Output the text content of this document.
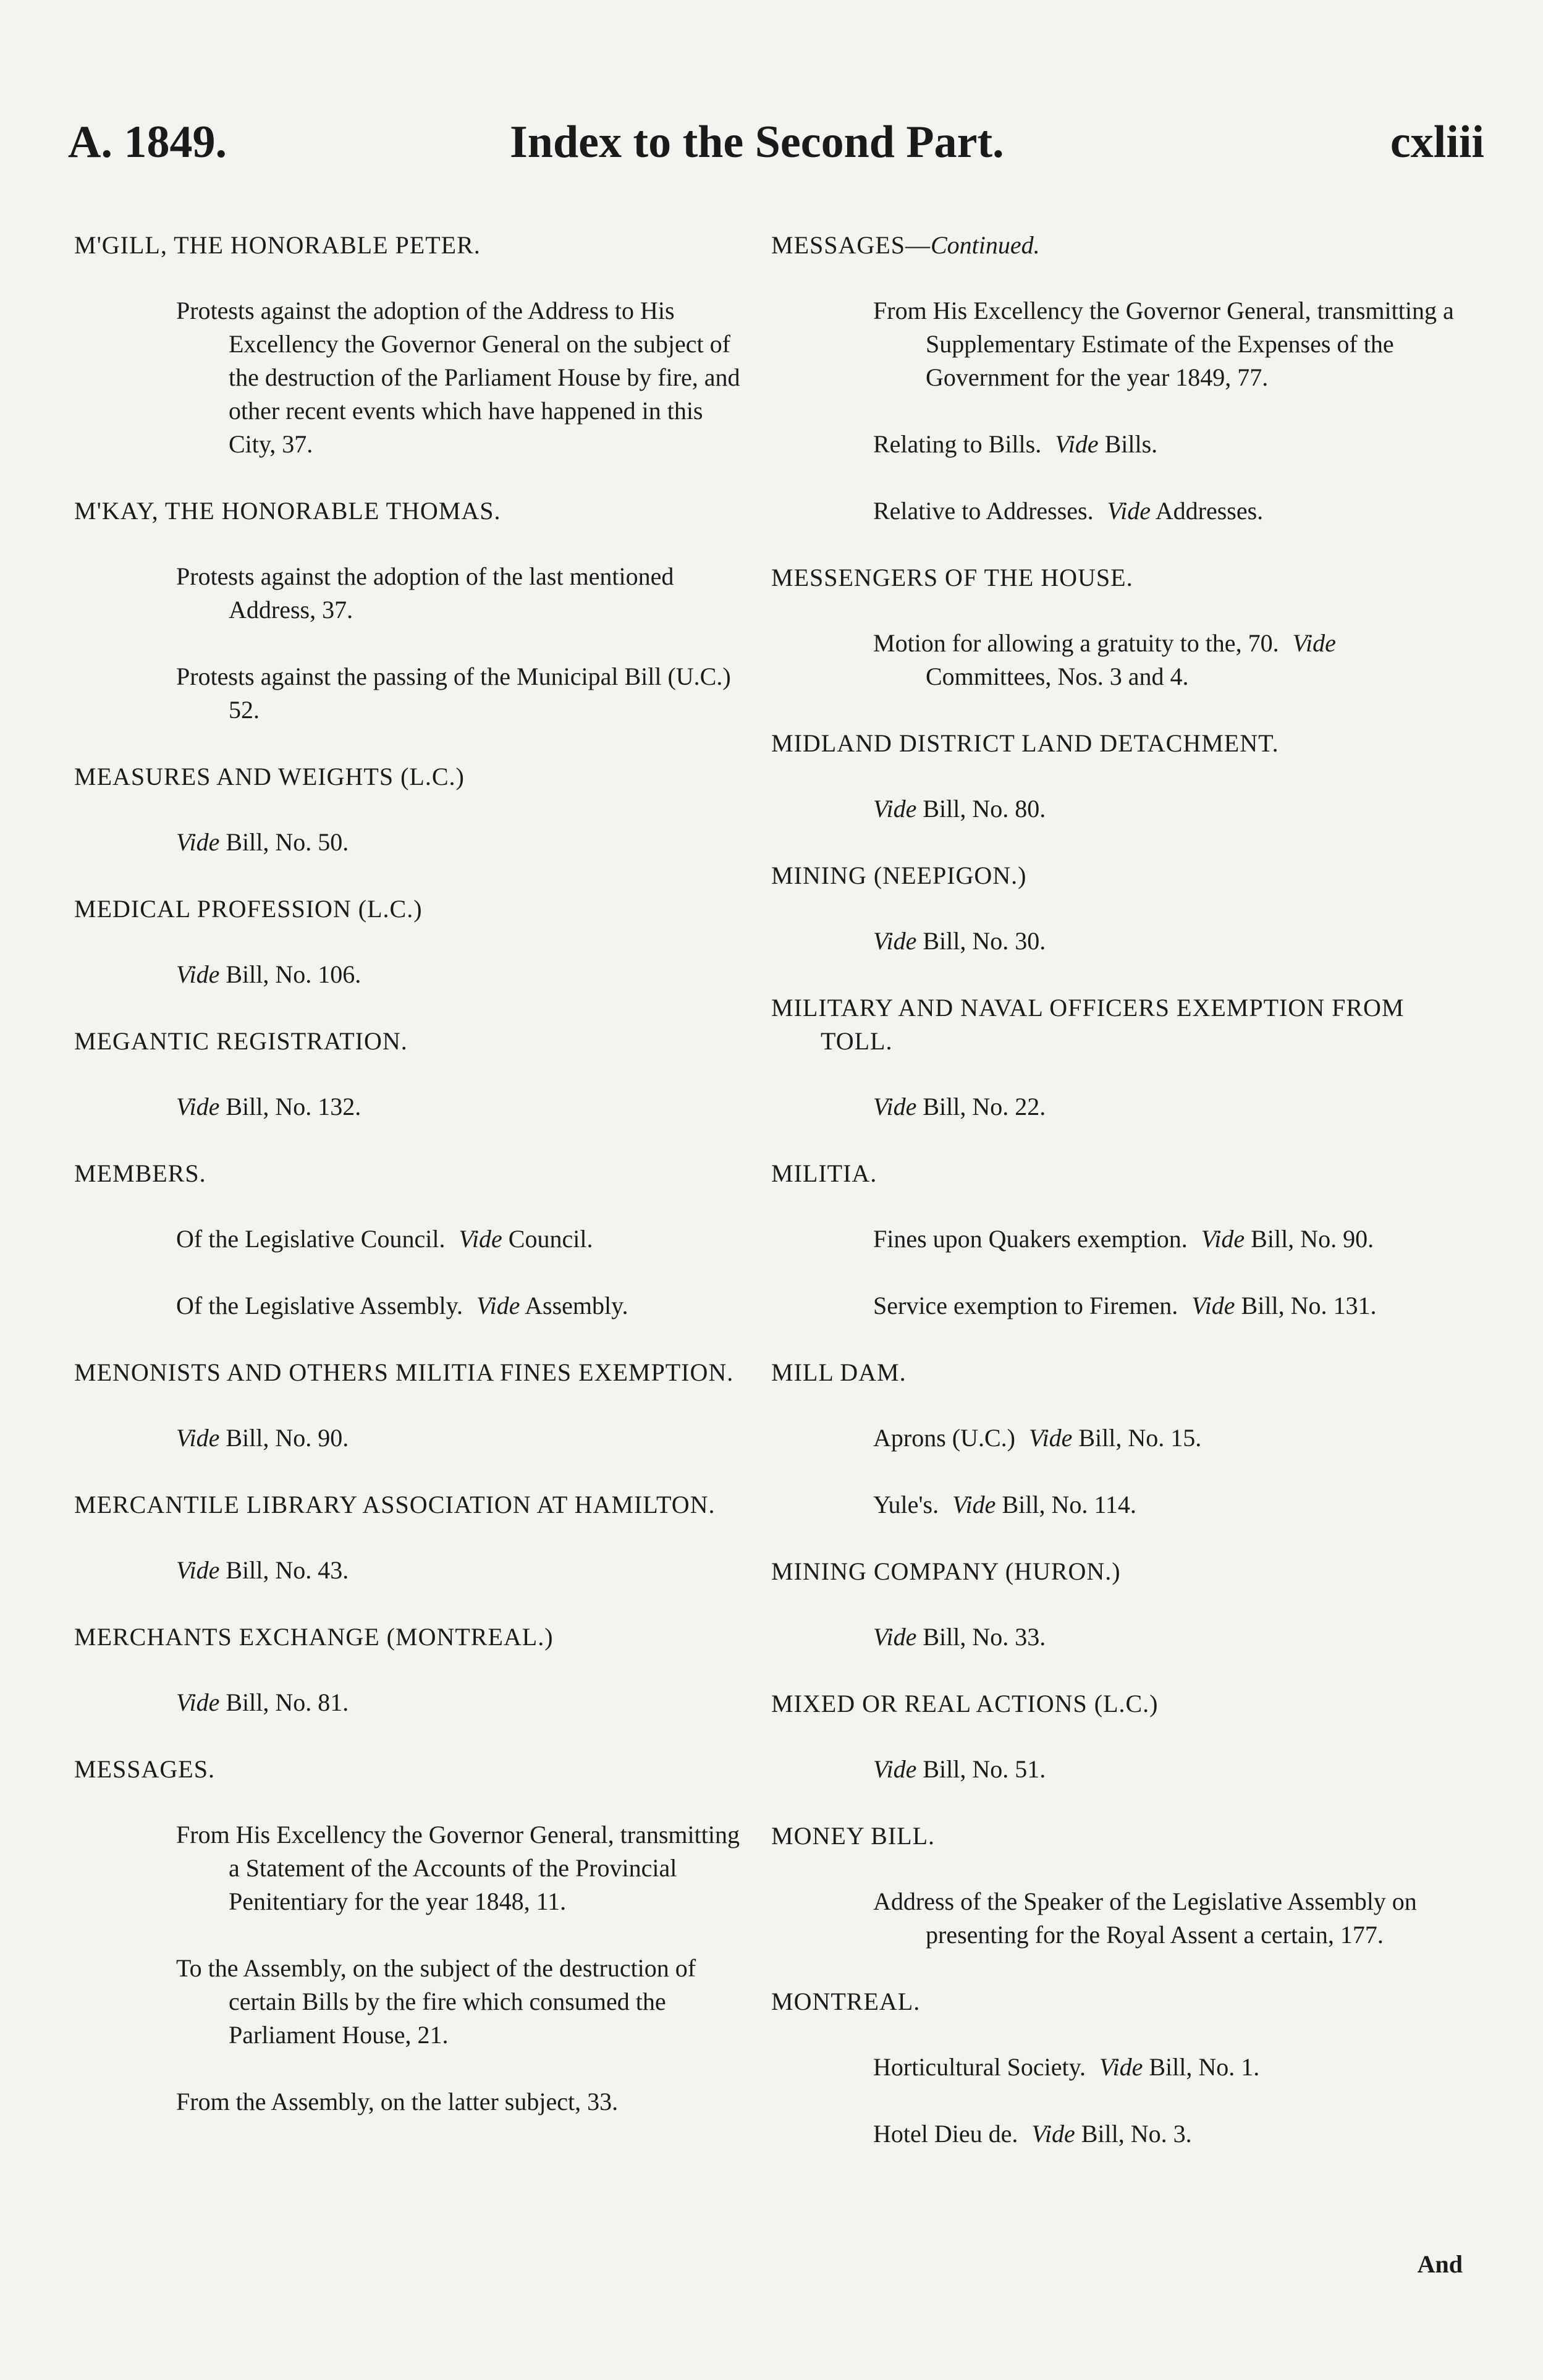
A. 1849.	Index to the Second Part.	cxliii
M'GILL, THE HONORABLE PETER.
Protests against the adoption of the Address to His Excellency the Governor General on the subject of the destruction of the Parliament House by fire, and other recent events which have happened in this City, 37.
M'KAY, THE HONORABLE THOMAS.
Protests against the adoption of the last mentioned Address, 37.
Protests against the passing of the Municipal Bill (U.C.) 52.
MEASURES AND WEIGHTS (L.C.)
Vide Bill, No. 50.
MEDICAL PROFESSION (L.C.)
Vide Bill, No. 106.
MEGANTIC REGISTRATION.
Vide Bill, No. 132.
MEMBERS.
Of the Legislative Council. Vide Council.
Of the Legislative Assembly. Vide Assembly.
MENONISTS AND OTHERS MILITIA FINES EXEMPTION.
Vide Bill, No. 90.
MERCANTILE LIBRARY ASSOCIATION AT HAMILTON.
Vide Bill, No. 43.
MERCHANTS EXCHANGE (MONTREAL.)
Vide Bill, No. 81.
MESSAGES.
From His Excellency the Governor General, transmitting a Statement of the Accounts of the Provincial Penitentiary for the year 1848, 11.
To the Assembly, on the subject of the destruction of certain Bills by the fire which consumed the Parliament House, 21.
From the Assembly, on the latter subject, 33.
MESSAGES—Continued.
From His Excellency the Governor General, transmitting a Supplementary Estimate of the Expenses of the Government for the year 1849, 77.
Relating to Bills. Vide Bills.
Relative to Addresses. Vide Addresses.
MESSENGERS OF THE HOUSE.
Motion for allowing a gratuity to the, 70. Vide Committees, Nos. 3 and 4.
MIDLAND DISTRICT LAND DETACHMENT.
Vide Bill, No. 80.
MINING (NEEPIGON.)
Vide Bill, No. 30.
MILITARY AND NAVAL OFFICERS EXEMPTION FROM TOLL.
Vide Bill, No. 22.
MILITIA.
Fines upon Quakers exemption. Vide Bill, No. 90.
Service exemption to Firemen. Vide Bill, No. 131.
MILL DAM.
Aprons (U.C.) Vide Bill, No. 15.
Yule's. Vide Bill, No. 114.
MINING COMPANY (HURON.)
Vide Bill, No. 33.
MIXED OR REAL ACTIONS (L.C.)
Vide Bill, No. 51.
MONEY BILL.
Address of the Speaker of the Legislative Assembly on presenting for the Royal Assent a certain, 177.
MONTREAL.
Horticultural Society. Vide Bill, No. 1.
Hotel Dieu de. Vide Bill, No. 3.
And
